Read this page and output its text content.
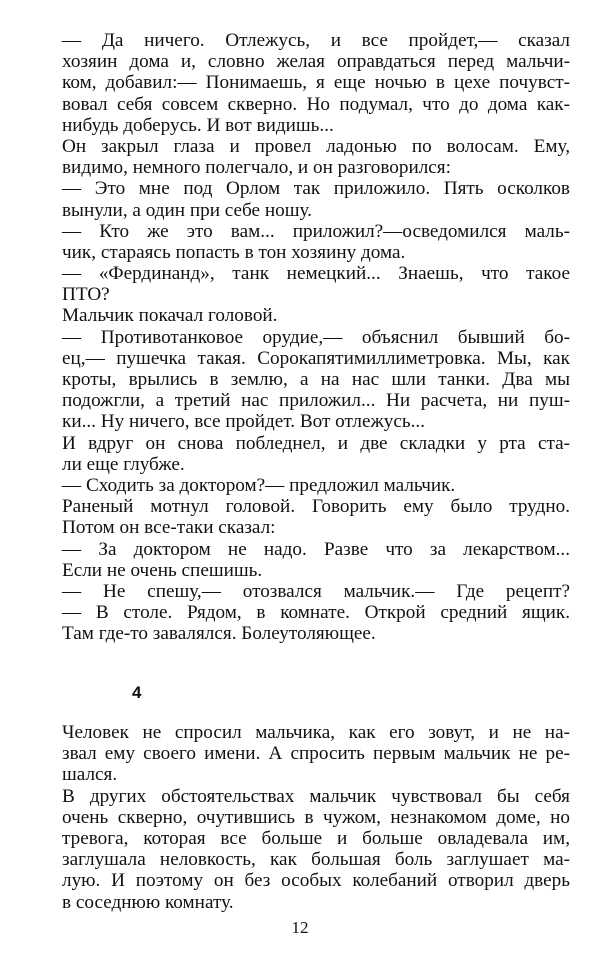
— Да ничего. Отлежусь, и все пройдет,— сказал
хозяин дома и, словно желая оправдаться перед мальчи-
ком, добавил:— Понимаешь, я еще ночью в цехе почувст-
вовал себя совсем скверно. Но подумал, что до дома как-
нибудь доберусь. И вот видишь...
Он закрыл глаза и провел ладонью по волосам. Ему,
видимо, немного полегчало, и он разговорился:
— Это мне под Орлом так приложило. Пять осколков
вынули, а один при себе ношу.
— Кто же это вам... приложил?—осведомился маль-
чик, стараясь попасть в тон хозяину дома.
— «Фердинанд», танк немецкий... Знаешь, что такое
ПТО?
Мальчик покачал головой.
— Противотанковое орудие,— объяснил бывший бо-
ец,— пушечка такая. Сорокапятимиллиметровка. Мы, как
кроты, врылись в землю, а на нас шли танки. Два мы
подожгли, а третий нас приложил... Ни расчета, ни пуш-
ки... Ну ничего, все пройдет. Вот отлежусь...
И вдруг он снова побледнел, и две складки у рта ста-
ли еще глубже.
— Сходить за доктором?— предложил мальчик.
Раненый мотнул головой. Говорить ему было трудно.
Потом он все-таки сказал:
— За доктором не надо. Разве что за лекарством...
Если не очень спешишь.
— Не спешу,— отозвался мальчик.— Где рецепт?
— В столе. Рядом, в комнате. Открой средний ящик.
Там где-то завалялся. Болеутоляющее.
4
Человек не спросил мальчика, как его зовут, и не на-
звал ему своего имени. А спросить первым мальчик не ре-
шался.
В других обстоятельствах мальчик чувствовал бы себя
очень скверно, очутившись в чужом, незнакомом доме, но
тревога, которая все больше и больше овладевала им,
заглушала неловкость, как большая боль заглушает ма-
лую. И поэтому он без особых колебаний отворил дверь
в соседнюю комнату.
12
